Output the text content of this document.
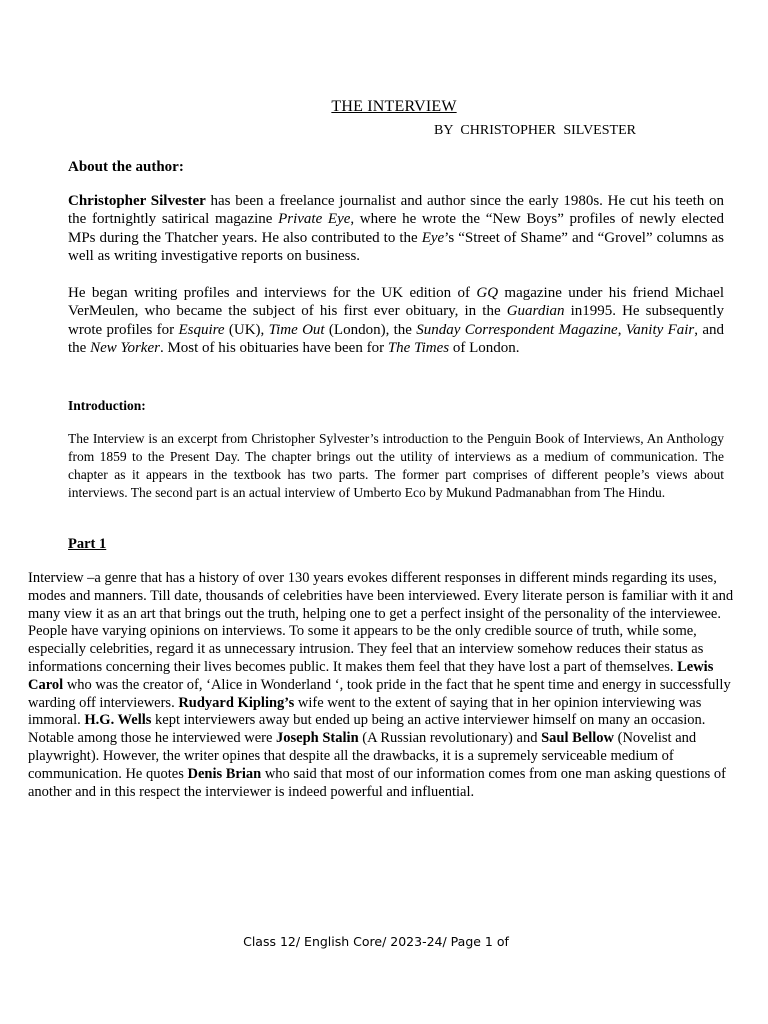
THE INTERVIEW
BY CHRISTOPHER SILVESTER
About the author:

Christopher Silvester has been a freelance journalist and author since the early 1980s. He cut his teeth on the fortnightly satirical magazine Private Eye, where he wrote the “New Boys” profiles of newly elected MPs during the Thatcher years. He also contributed to the Eye’s “Street of Shame” and “Grovel” columns as well as writing investigative reports on business.

He began writing profiles and interviews for the UK edition of GQ magazine under his friend Michael VerMeulen, who became the subject of his first ever obituary, in the Guardian in1995. He subsequently wrote profiles for Esquire (UK), Time Out (London), the Sunday Correspondent Magazine, Vanity Fair, and the New Yorker. Most of his obituaries have been for The Times of London.

Introduction:

The Interview is an excerpt from Christopher Sylvester’s introduction to the Penguin Book of Interviews, An Anthology from 1859 to the Present Day. The chapter brings out the utility of interviews as a medium of communication. The chapter as it appears in the textbook has two parts. The former part comprises of different people’s views about interviews. The second part is an actual interview of Umberto Eco by Mukund Padmanabhan from The Hindu.

Part 1

Interview –a genre that has a history of over 130 years evokes different responses in different minds regarding its uses, modes and manners. Till date, thousands of celebrities have been interviewed. Every literate person is familiar with it and many view it as an art that brings out the truth, helping one to get a perfect insight of the personality of the interviewee. People have varying opinions on interviews. To some it appears to be the only credible source of truth, while some, especially celebrities, regard it as unnecessary intrusion. They feel that an interview somehow reduces their status as informations concerning their lives becomes public. It makes them feel that they have lost a part of themselves. Lewis Carol who was the creator of, ‘Alice in Wonderland ‘, took pride in the fact that he spent time and energy in successfully warding off interviewers. Rudyard Kipling’s wife went to the extent of saying that in her opinion interviewing was immoral. H.G. Wells kept interviewers away but ended up being an active interviewer himself on many an occasion. Notable among those he interviewed were Joseph Stalin (A Russian revolutionary) and Saul Bellow (Novelist and playwright). However, the writer opines that despite all the drawbacks, it is a supremely serviceable medium of communication. He quotes Denis Brian who said that most of our information comes from one man asking questions of another and in this respect the interviewer is indeed powerful and influential.

Class 12/ English Core/ 2023-24/ Page 1 of
